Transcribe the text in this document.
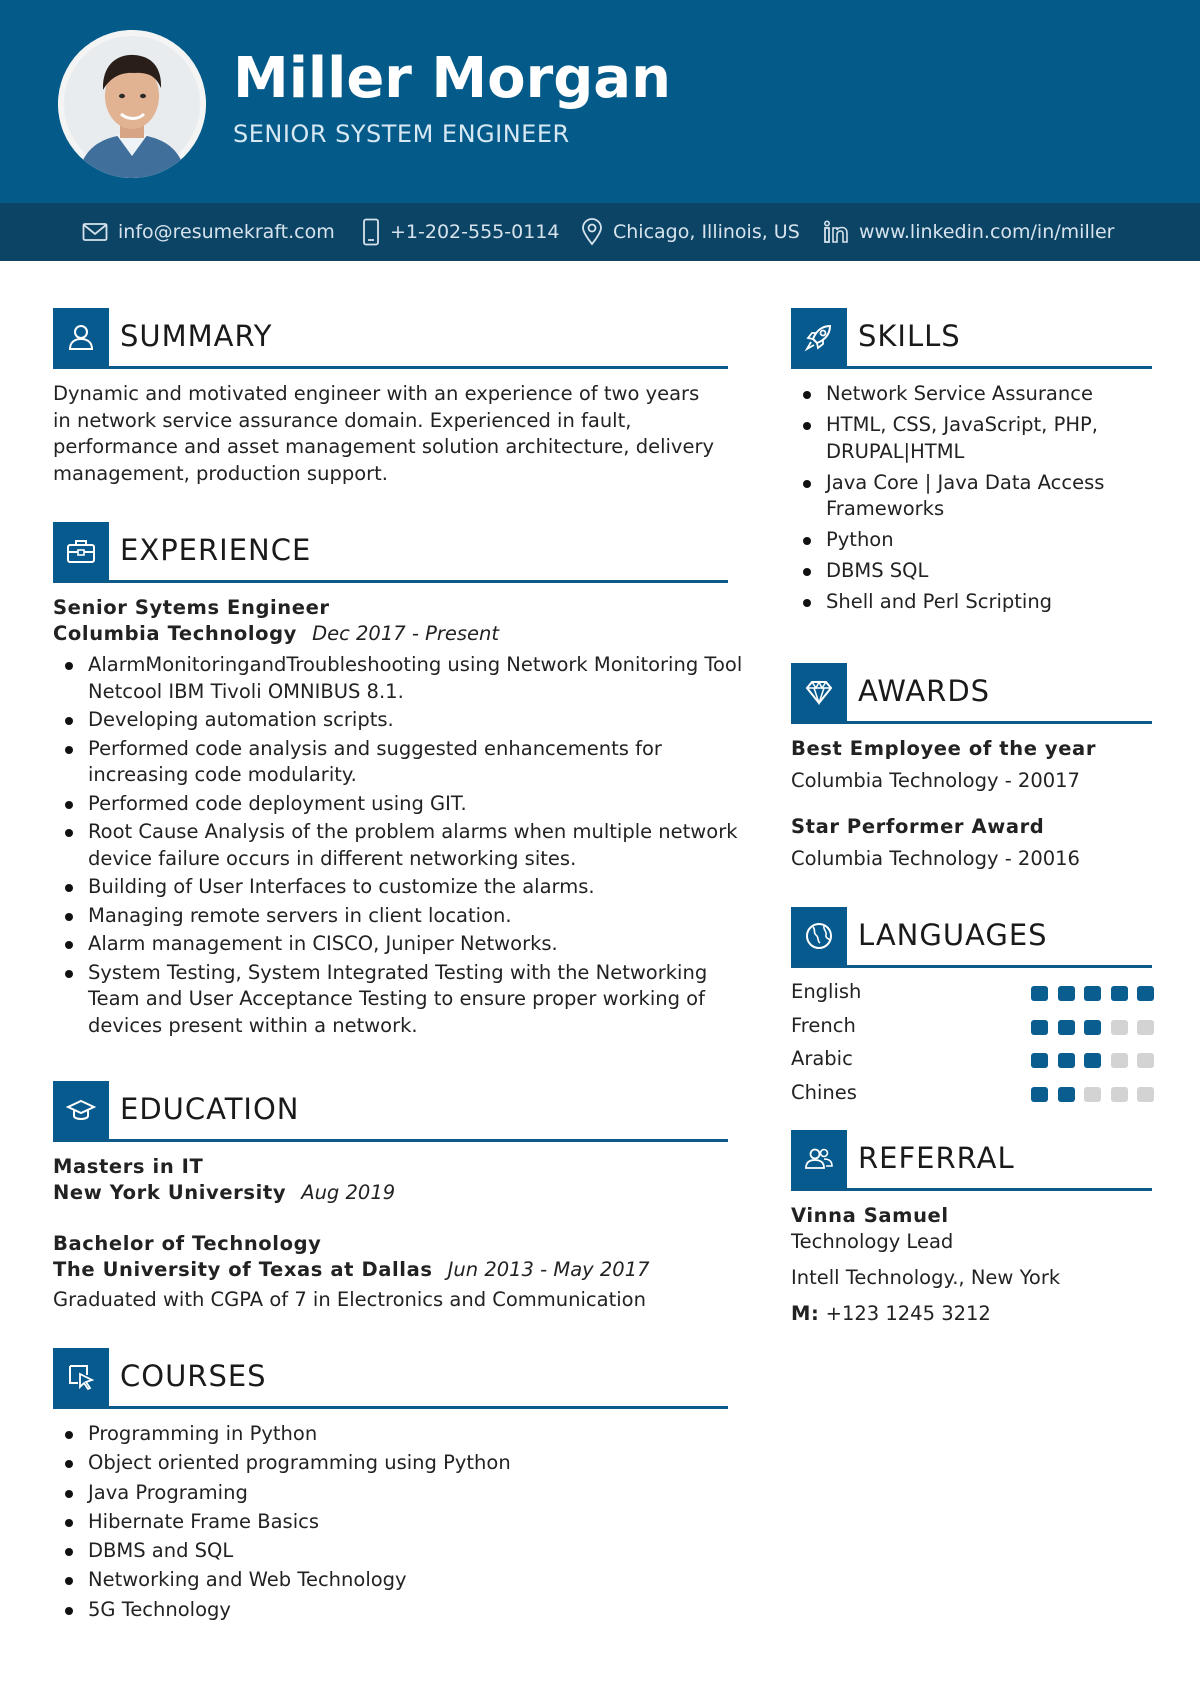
Miller Morgan
SENIOR SYSTEM ENGINEER
info@resumekraft.com	+1-202-555-0114	Chicago, Illinois, US	www.linkedin.com/in/miller
SUMMARY
Dynamic and motivated engineer with an experience of two years in network service assurance domain. Experienced in fault, performance and asset management solution architecture, delivery management, production support.
EXPERIENCE
Senior Sytems Engineer
Columbia Technology Dec 2017 - Present
AlarmMonitoringandTroubleshooting using Network Monitoring Tool Netcool IBM Tivoli OMNIBUS 8.1.
Developing automation scripts.
Performed code analysis and suggested enhancements for increasing code modularity.
Performed code deployment using GIT.
Root Cause Analysis of the problem alarms when multiple network device failure occurs in different networking sites.
Building of User Interfaces to customize the alarms.
Managing remote servers in client location.
Alarm management in CISCO, Juniper Networks.
System Testing, System Integrated Testing with the Networking Team and User Acceptance Testing to ensure proper working of devices present within a network.
EDUCATION
Masters in IT
New York University Aug 2019
Bachelor of Technology
The University of Texas at Dallas Jun 2013 - May 2017
Graduated with CGPA of 7 in Electronics and Communication
COURSES
Programming in Python
Object oriented programming using Python
Java Programing
Hibernate Frame Basics
DBMS and SQL
Networking and Web Technology
5G Technology
SKILLS
Network Service Assurance
HTML, CSS, JavaScript, PHP, DRUPAL|HTML
Java Core | Java Data Access Frameworks
Python
DBMS SQL
Shell and Perl Scripting
AWARDS
Best Employee of the year
Columbia Technology - 20017
Star Performer Award
Columbia Technology - 20016
LANGUAGES
English
French
Arabic
Chines
REFERRAL
Vinna Samuel
Technology Lead
Intell Technology., New York
M: +123 1245 3212
